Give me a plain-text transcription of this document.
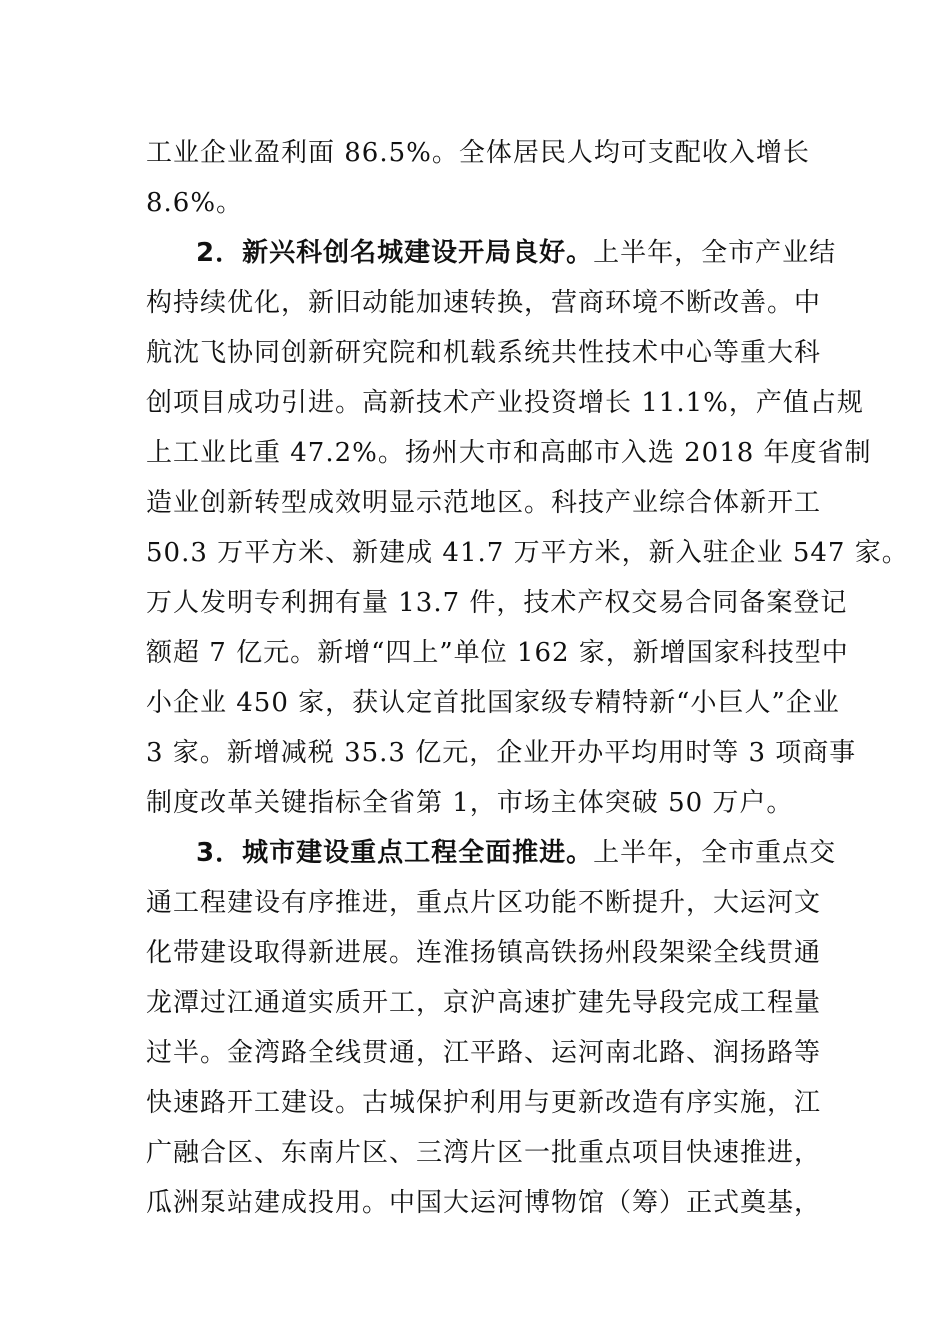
工业企业盈利面 86.5%。全体居民人均可支配收入增长
8.6%。
2．新兴科创名城建设开局良好。上半年，全市产业结
构持续优化，新旧动能加速转换，营商环境不断改善。中
航沈飞协同创新研究院和机载系统共性技术中心等重大科
创项目成功引进。高新技术产业投资增长 11.1%，产值占规
上工业比重 47.2%。扬州大市和高邮市入选 2018 年度省制
造业创新转型成效明显示范地区。科技产业综合体新开工
50.3 万平方米、新建成 41.7 万平方米，新入驻企业 547 家。
万人发明专利拥有量 13.7 件，技术产权交易合同备案登记
额超 7 亿元。新增“四上”单位 162 家，新增国家科技型中
小企业 450 家，获认定首批国家级专精特新“小巨人”企业
3 家。新增减税 35.3 亿元，企业开办平均用时等 3 项商事
制度改革关键指标全省第 1，市场主体突破 50 万户。
3．城市建设重点工程全面推进。上半年，全市重点交
通工程建设有序推进，重点片区功能不断提升，大运河文
化带建设取得新进展。连淮扬镇高铁扬州段架梁全线贯通
龙潭过江通道实质开工，京沪高速扩建先导段完成工程量
过半。金湾路全线贯通，江平路、运河南北路、润扬路等
快速路开工建设。古城保护利用与更新改造有序实施，江
广融合区、东南片区、三湾片区一批重点项目快速推进，
瓜洲泵站建成投用。中国大运河博物馆（筹）正式奠基，
